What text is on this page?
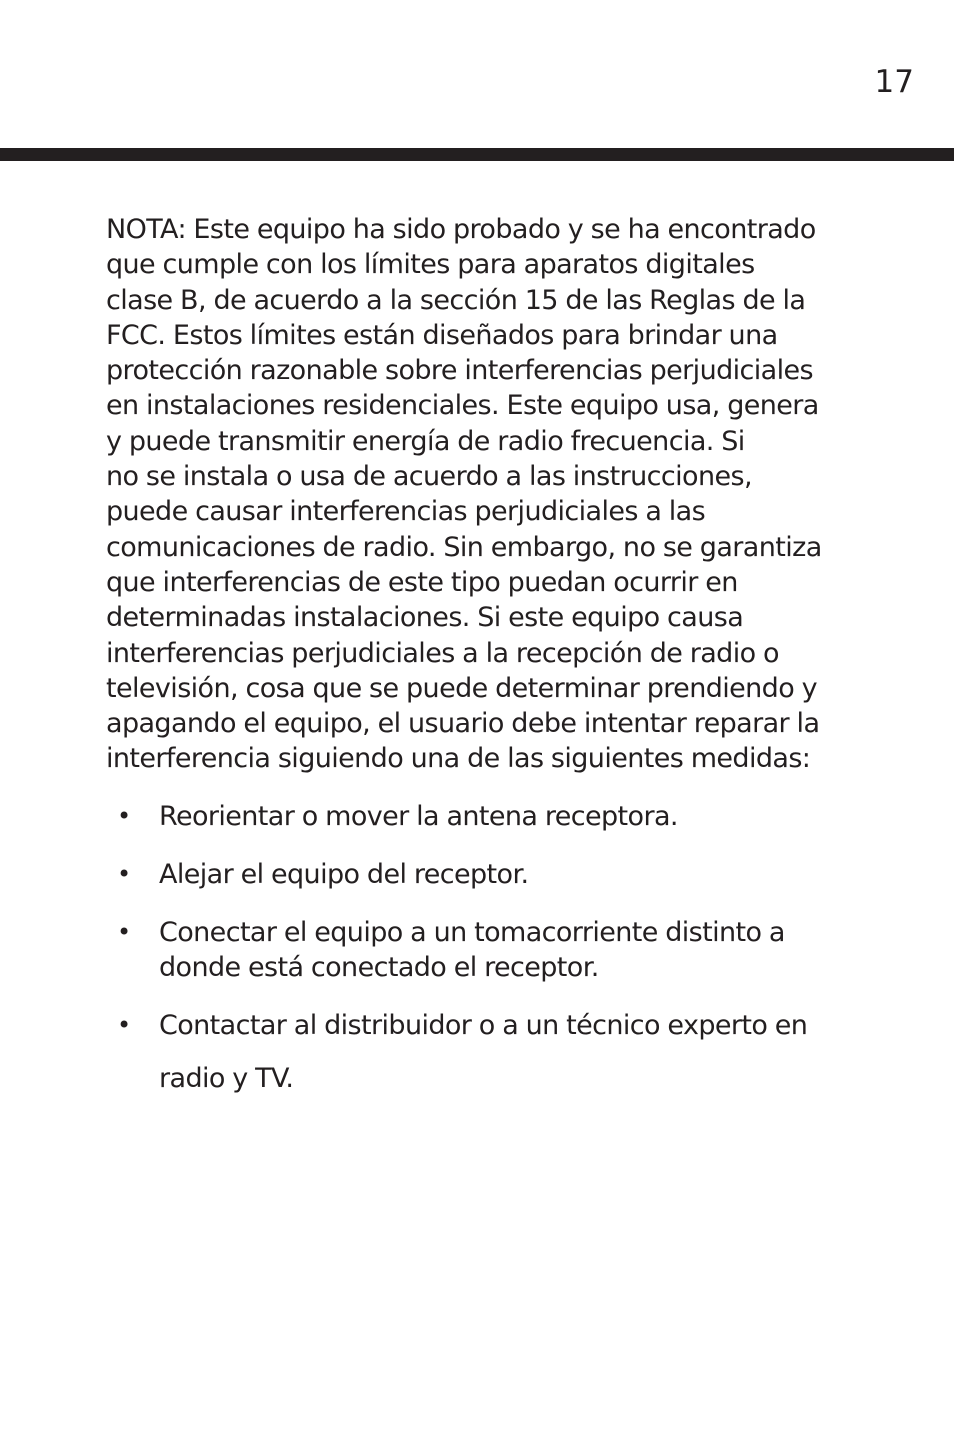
17
NOTA: Este equipo ha sido probado y se ha encontrado
que cumple con los límites para aparatos digitales
clase B, de acuerdo a la sección 15 de las Reglas de la
FCC. Estos límites están diseñados para brindar una
protección razonable sobre interferencias perjudiciales
en instalaciones residenciales. Este equipo usa, genera
y puede transmitir energía de radio frecuencia. Si
no se instala o usa de acuerdo a las instrucciones,
puede causar interferencias perjudiciales a las
comunicaciones de radio. Sin embargo, no se garantiza
que interferencias de este tipo puedan ocurrir en
determinadas instalaciones. Si este equipo causa
interferencias perjudiciales a la recepción de radio o
televisión, cosa que se puede determinar prendiendo y
apagando el equipo, el usuario debe intentar reparar la
interferencia siguiendo una de las siguientes medidas:
• Reorientar o mover la antena receptora.
• Alejar el equipo del receptor.
• Conectar el equipo a un tomacorriente distinto a
donde está conectado el receptor.
• Contactar al distribuidor o a un técnico experto en
radio y TV.
